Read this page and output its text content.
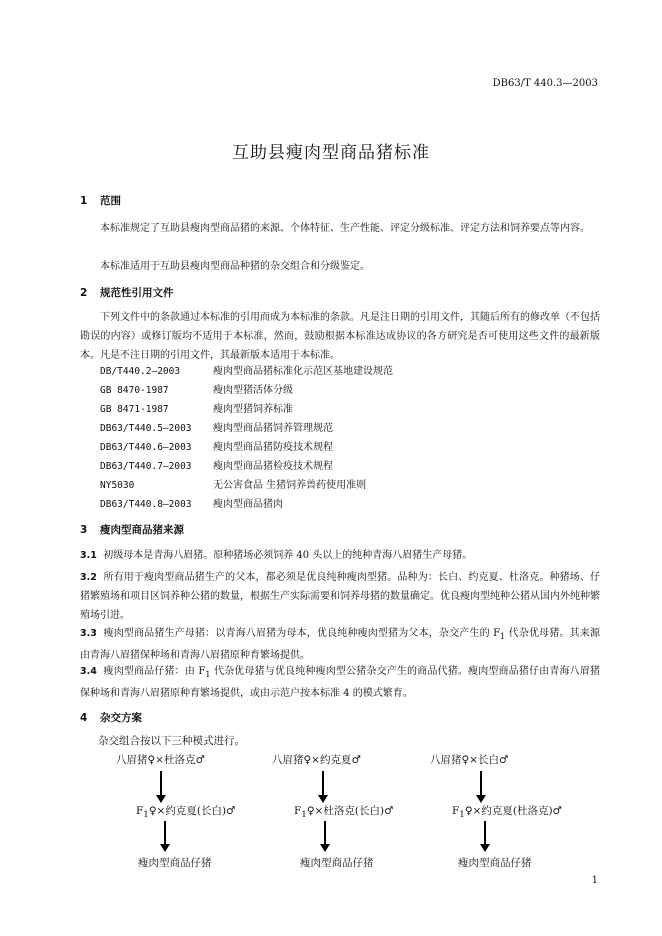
DB63/T 440.3—2003
互助县瘦肉型商品猪标准
1 范围
本标准规定了互助县瘦肉型商品猪的来源、个体特征、生产性能、评定分级标准、评定方法和饲养要点等内容。
本标准适用于互助县瘦肉型商品种猪的杂交组合和分级鉴定。
2 规范性引用文件
下列文件中的条款通过本标准的引用而成为本标准的条款。凡是注日期的引用文件，其随后所有的修改单（不包括勘误的内容）或修订版均不适用于本标准，然而，鼓励根据本标准达成协议的各方研究是否可使用这些文件的最新版本。凡是不注日期的引用文件，其最新版本适用于本标准。
DB/T440.2—2003	瘦肉型商品猪标准化示范区基地建设规范
GB 8470-1987	瘦肉型猪活体分级
GB 8471-1987	瘦肉型猪饲养标准
DB63/T440.5—2003 瘦肉型商品猪饲养管理规范
DB63/T440.6—2003 瘦肉型商品猪防疫技术规程
DB63/T440.7—2003 瘦肉型商品猪检疫技术规程
NY5030	无公害食品 生猪饲养兽药使用准则
DB63/T440.8—2003 瘦肉型商品猪肉
3 瘦肉型商品猪来源
3.1 初级母本是青海八眉猪。原种猪场必须饲养 40 头以上的纯种青海八眉猪生产母猪。
3.2 所有用于瘦肉型商品猪生产的父本，都必须是优良纯种瘦肉型猪。品种为：长白、约克夏、杜洛克。种猪场、仔猪繁殖场和项目区饲养种公猪的数量，根据生产实际需要和饲养母猪的数量确定。优良瘦肉型纯种公猪从国内外纯种繁殖场引进。
3.3 瘦肉型商品猪生产母猪：以青海八眉猪为母本，优良纯种瘦肉型猪为父本，杂交产生的 $F_1$ 代杂优母猪。其来源由青海八眉猪保种场和青海八眉猪原种育繁场提供。
3.4 瘦肉型商品仔猪：由 $F_1$ 代杂优母猪与优良纯种瘦肉型公猪杂交产生的商品代猪。瘦肉型商品猪仔由青海八眉猪保种场和青海八眉猪原种育繁场提供，或由示范户按本标准 4 的模式繁育。
4 杂交方案
杂交组合按以下三种模式进行。
八眉猪♀×杜洛克♂
$F_1♀\times$约克夏(长白)♂
瘦肉型商品仔猪
八眉猪♀×约克夏♂
$F_1♀\times$杜洛克(长白)♂
瘦肉型商品仔猪
八眉猪♀×长白♂
$F_1♀\times$约克夏(杜洛克)♂
瘦肉型商品仔猪
1
